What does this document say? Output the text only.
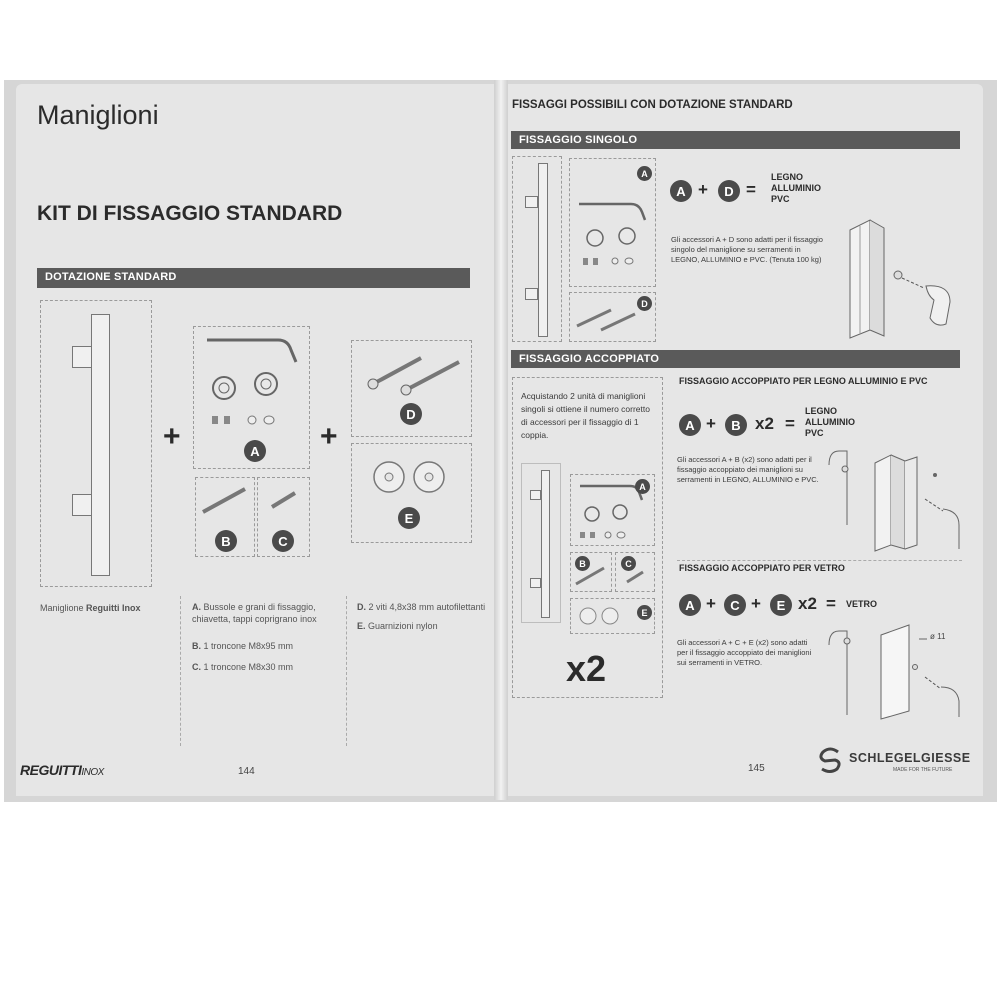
Maniglioni
KIT DI FISSAGGIO STANDARD
DOTAZIONE STANDARD
+	A +
B	C
D
E
Maniglione Reguitti Inox	A. Bussole e grani di fissaggio, chiavetta, tappi coprigrano inox
B. 1 troncone M8x95 mm
C. 1 troncone M8x30 mm
D. 2 viti 4,8x38 mm autofilettanti
E. Guarnizioni nylon
REGUITTIINOX	144
FISSAGGI POSSIBILI CON DOTAZIONE STANDARD
FISSAGGIO SINGOLO
A
D
A +	D =
LEGNO
ALLUMINIO
PVC
Gli accessori A + D sono adatti per il fissaggio singolo del maniglione su serramenti in LEGNO, ALLUMINIO e PVC. (Tenuta 100 kg)
FISSAGGIO ACCOPPIATO
Acquistando 2 unità di maniglioni singoli si ottiene il numero corretto di accessori per il fissaggio di 1 coppia.
A
B	C
E
x2
FISSAGGIO ACCOPPIATO PER LEGNO ALLUMINIO E PVC
A +	B x2 =
LEGNO
ALLUMINIO
PVC
Gli accessori A + B (x2) sono adatti per il fissaggio accoppiato dei maniglioni su serramenti in LEGNO, ALLUMINIO e PVC.
FISSAGGIO ACCOPPIATO PER VETRO
A +	C +	E x2 = VETRO
Gli accessori A + C + E (x2) sono adatti per il fissaggio accoppiato dei maniglioni sui serramenti in VETRO.
ø 11
145
SCHLEGELGIESSE
MADE FOR THE FUTURE
